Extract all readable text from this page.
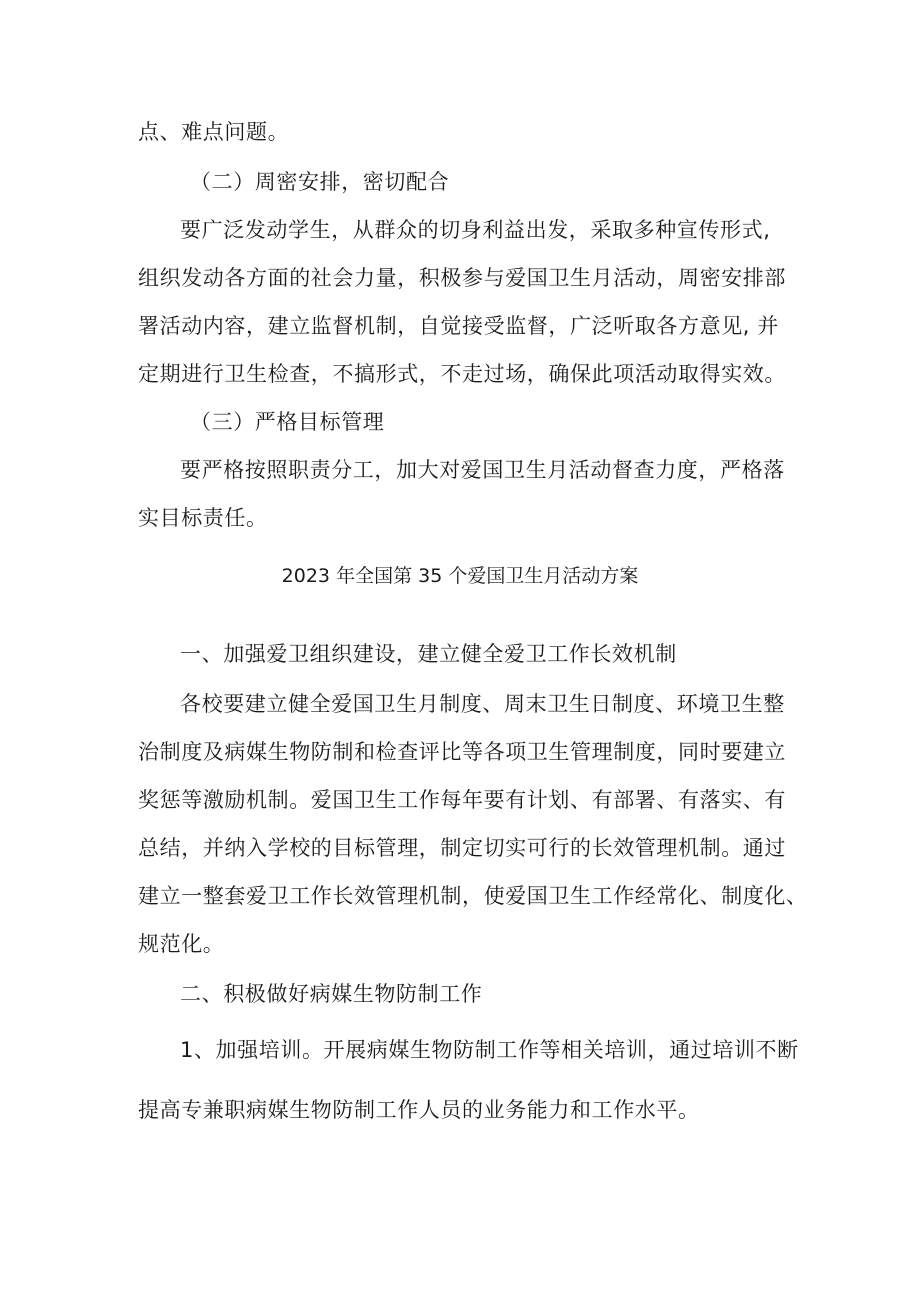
点、难点问题。
（二）周密安排，密切配合
要广泛发动学生，从群众的切身利益出发，采取多种宣传形式,
组织发动各方面的社会力量，积极参与爱国卫生月活动，周密安排部
署活动内容，建立监督机制，自觉接受监督，广泛听取各方意见, 并
定期进行卫生检查，不搞形式，不走过场，确保此项活动取得实效。
（三）严格目标管理
要严格按照职责分工，加大对爱国卫生月活动督查力度，严格落
实目标责任。
2023 年全国第 35 个爱国卫生月活动方案
一、加强爱卫组织建设，建立健全爱卫工作长效机制
各校要建立健全爱国卫生月制度、周末卫生日制度、环境卫生整
治制度及病媒生物防制和检查评比等各项卫生管理制度，同时要建立
奖惩等激励机制。爱国卫生工作每年要有计划、有部署、有落实、有
总结，并纳入学校的目标管理，制定切实可行的长效管理机制。通过
建立一整套爱卫工作长效管理机制，使爱国卫生工作经常化、制度化、
规范化。
二、积极做好病媒生物防制工作
1、加强培训。开展病媒生物防制工作等相关培训，通过培训不断
提高专兼职病媒生物防制工作人员的业务能力和工作水平。
